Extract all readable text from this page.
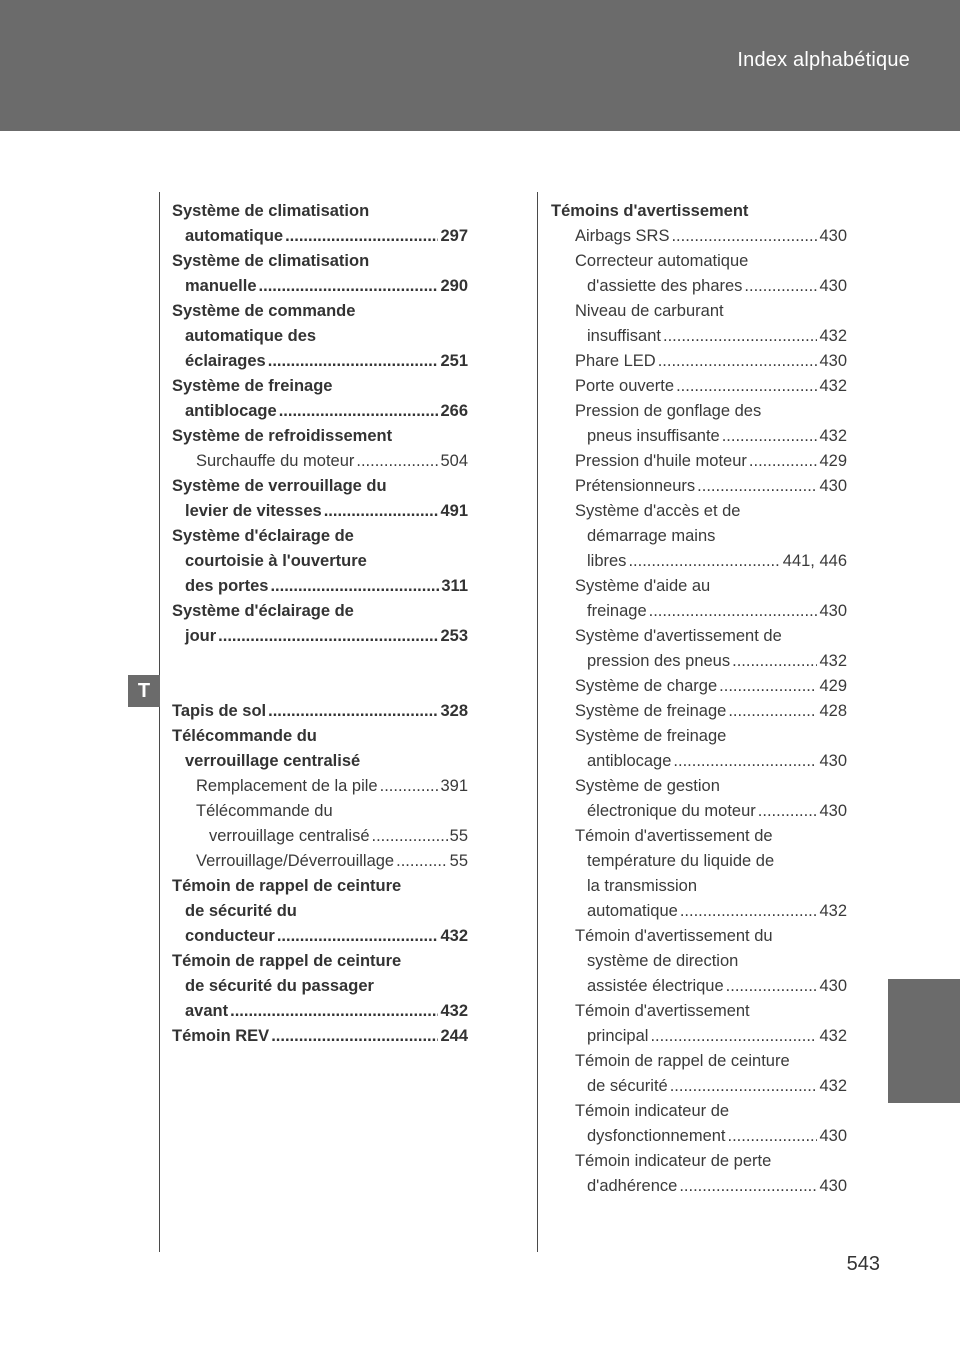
Index alphabétique
T
Système de climatisation
automatique .....	297
Système de climatisation
manuelle .....	290
Système de commande
automatique des
éclairages .....	251
Système de freinage
antiblocage .....	266
Système de refroidissement
Surchauffe du moteur .....	504
Système de verrouillage du
levier de vitesses .....	491
Système d'éclairage de
courtoisie à l'ouverture
des portes .....	311
Système d'éclairage de
jour .....	253
Tapis de sol .....	328
Télécommande du
verrouillage centralisé
Remplacement de la pile .....	391
Télécommande du
verrouillage centralisé .....	55
Verrouillage/Déverrouillage .....	55
Témoin de rappel de ceinture
de sécurité du
conducteur .....	432
Témoin de rappel de ceinture
de sécurité du passager
avant .....	432
Témoin REV .....	244
Témoins d'avertissement
Airbags SRS .....	430
Correcteur automatique
d'assiette des phares .....	430
Niveau de carburant
insuffisant .....	432
Phare LED .....	430
Porte ouverte .....	432
Pression de gonflage des
pneus insuffisante .....	432
Pression d'huile moteur .....	429
Prétensionneurs .....	430
Système d'accès et de
démarrage mains
libres .....	441, 446
Système d'aide au
freinage .....	430
Système d'avertissement de
pression des pneus .....	432
Système de charge .....	429
Système de freinage .....	428
Système de freinage
antiblocage .....	430
Système de gestion
électronique du moteur .....	430
Témoin d'avertissement de
température du liquide de
la transmission
automatique .....	432
Témoin d'avertissement du
système de direction
assistée électrique .....	430
Témoin d'avertissement
principal .....	432
Témoin de rappel de ceinture
de sécurité .....	432
Témoin indicateur de
dysfonctionnement .....	430
Témoin indicateur de perte
d'adhérence .....	430
543
